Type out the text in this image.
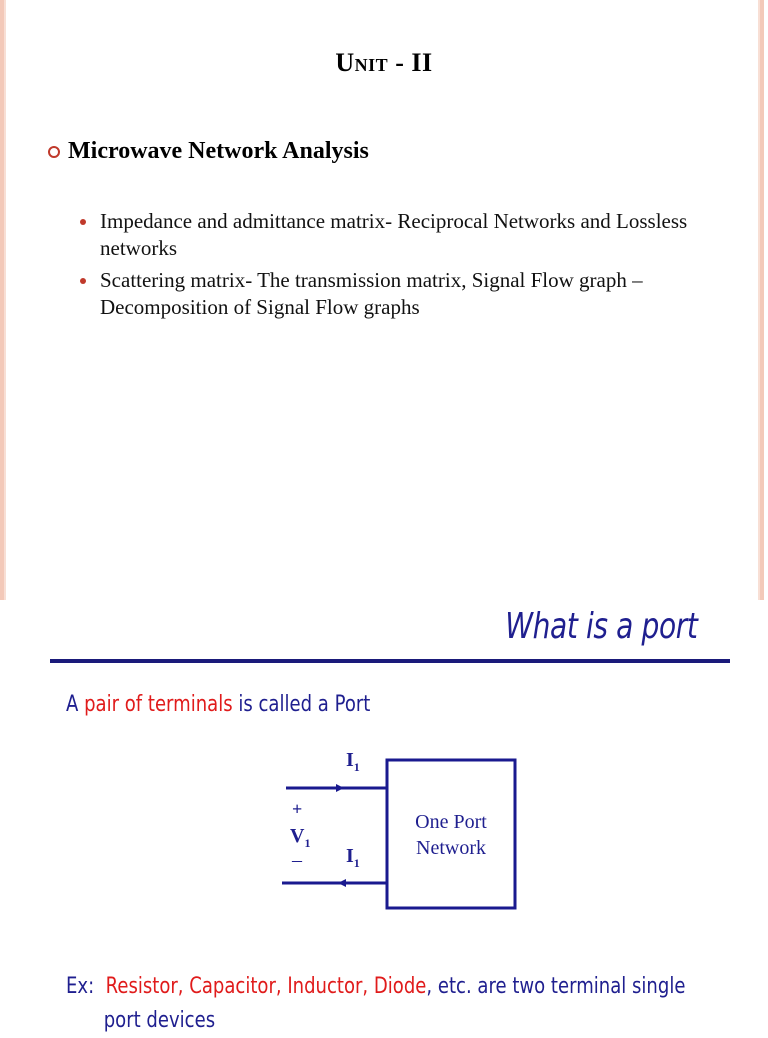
Unit - II
Microwave Network Analysis
Impedance and admittance matrix- Reciprocal Networks and Lossless networks
Scattering matrix- The transmission matrix, Signal Flow graph – Decomposition of Signal Flow graphs
What is a port
A pair of terminals is called a Port
$I_1$
+
$V_1$
– $I_1$
One Port
Network
Ex:  Resistor, Capacitor, Inductor, Diode, etc. are two terminal single
port devices
